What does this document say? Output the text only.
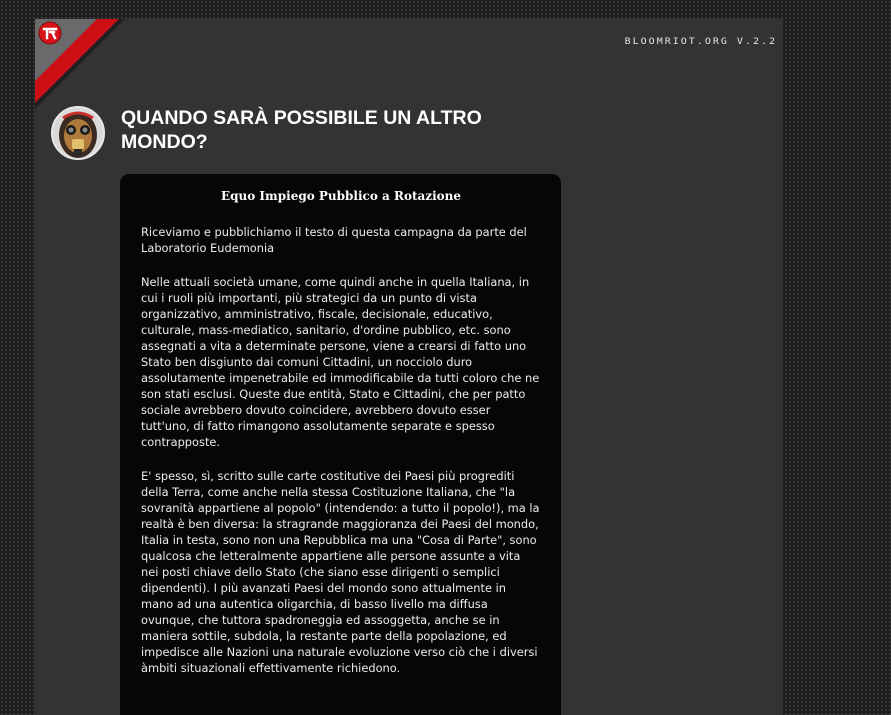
BLOOMRIOT.ORG V.2.2
QUANDO SARÀ POSSIBILE UN ALTRO MONDO?
Equo Impiego Pubblico a Rotazione

Riceviamo e pubblichiamo il testo di questa campagna da parte del Laboratorio Eudemonia

Nelle attuali società umane, come quindi anche in quella Italiana, in cui i ruoli più importanti, più strategici da un punto di vista organizzativo, amministrativo, fiscale, decisionale, educativo, culturale, mass-mediatico, sanitario, d'ordine pubblico, etc. sono assegnati a vita a determinate persone, viene a crearsi di fatto uno Stato ben disgiunto dai comuni Cittadini, un nocciolo duro assolutamente impenetrabile ed immodificabile da tutti coloro che ne son stati esclusi. Queste due entità, Stato e Cittadini, che per patto sociale avrebbero dovuto coincidere, avrebbero dovuto esser tutt'uno, di fatto rimangono assolutamente separate e spesso contrapposte.

E' spesso, sì, scritto sulle carte costitutive dei Paesi più progrediti della Terra, come anche nella stessa Costituzione Italiana, che "la sovranità appartiene al popolo" (intendendo: a tutto il popolo!), ma la realtà è ben diversa: la stragrande maggioranza dei Paesi del mondo, Italia in testa, sono non una Repubblica ma una "Cosa di Parte", sono qualcosa che letteralmente appartiene alle persone assunte a vita nei posti chiave dello Stato (che siano esse dirigenti o semplici dipendenti). I più avanzati Paesi del mondo sono attualmente in mano ad una autentica oligarchia, di basso livello ma diffusa ovunque, che tuttora spadroneggia ed assoggetta, anche se in maniera sottile, subdola, la restante parte della popolazione, ed impedisce alle Nazioni una naturale evoluzione verso ciò che i diversi àmbiti situazionali effettivamente richiedono.
